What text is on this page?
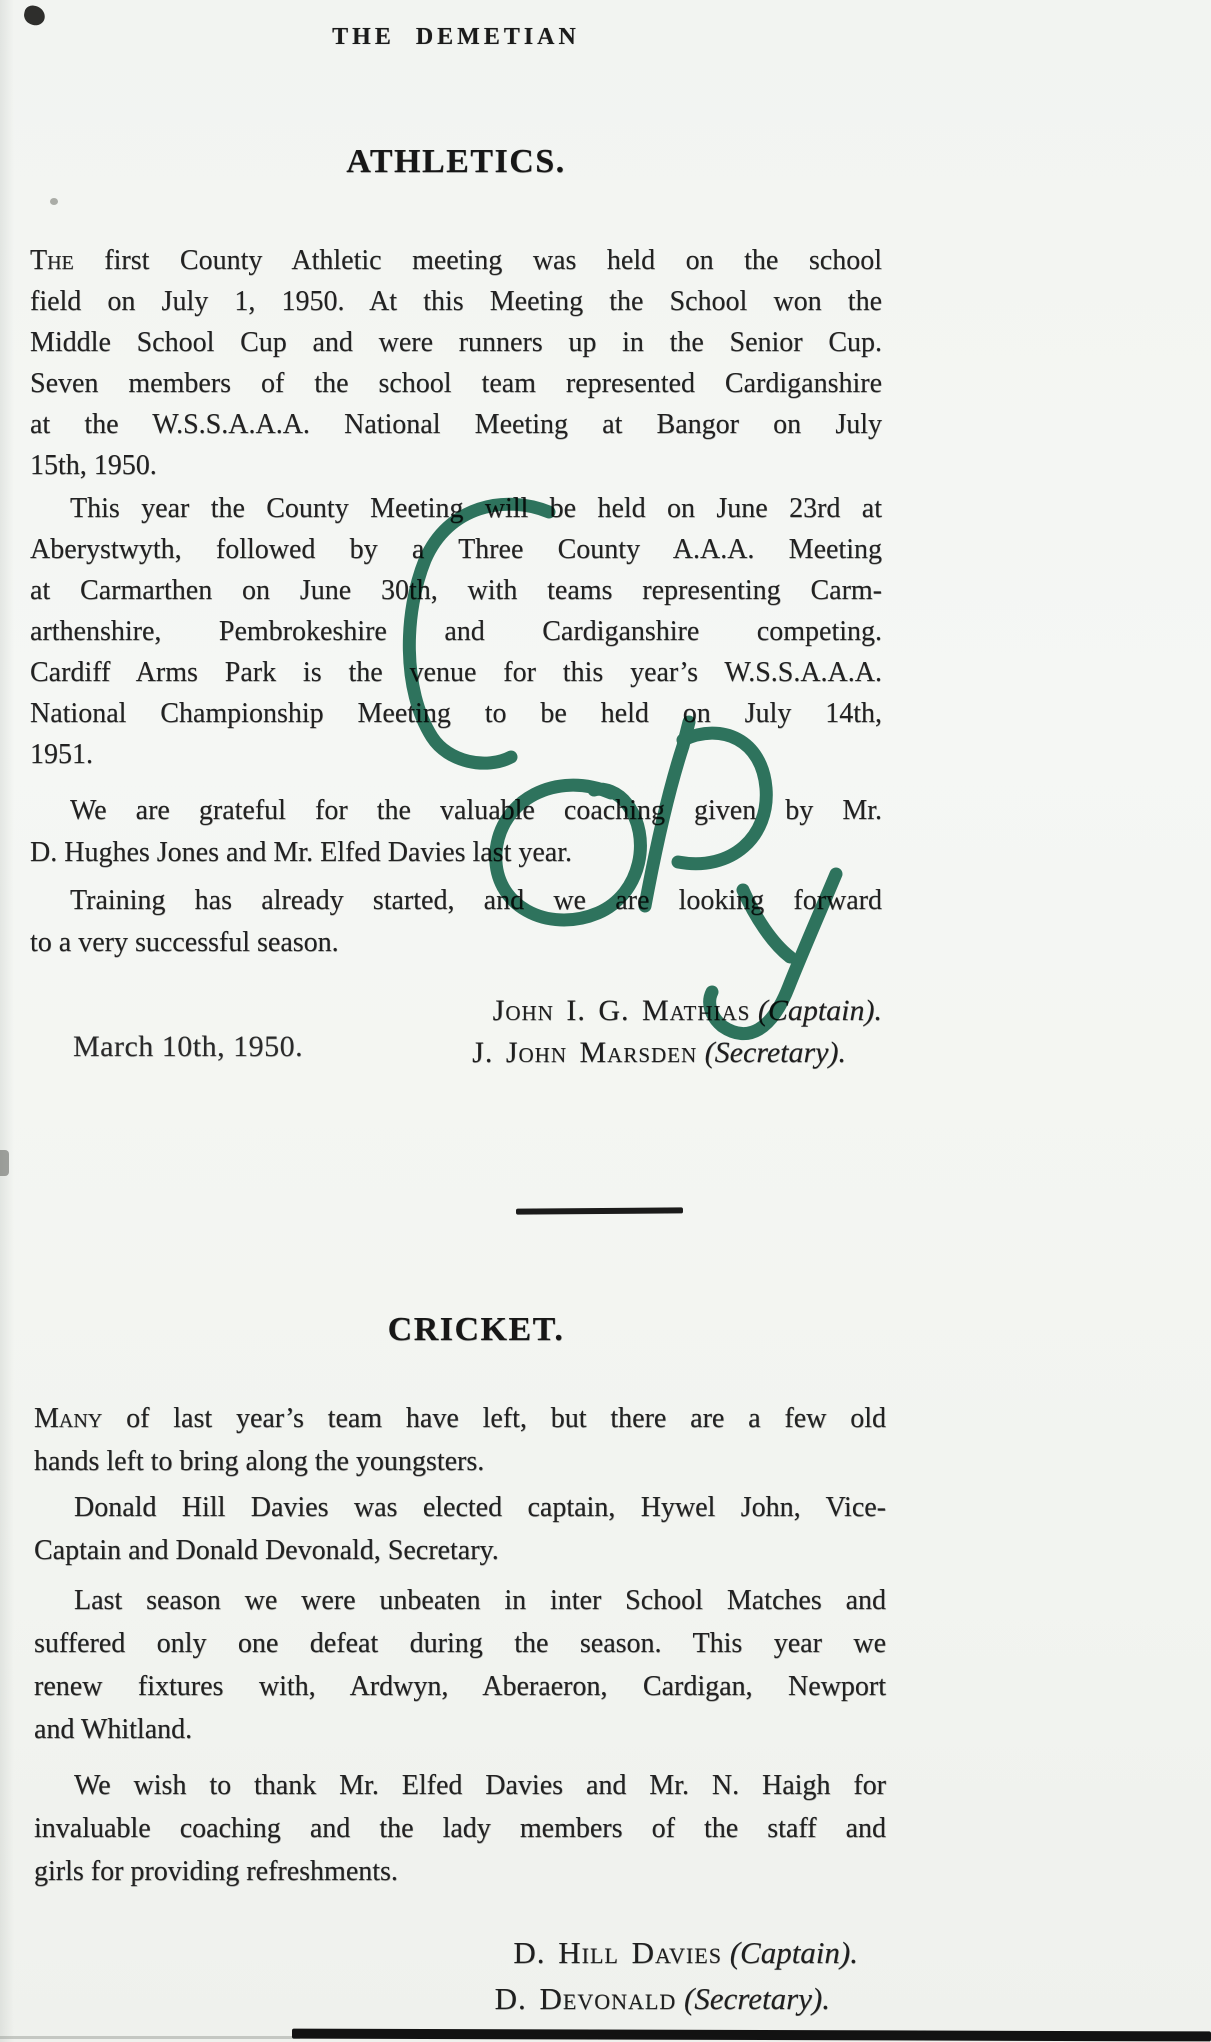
THE DEMETIAN
ATHLETICS.
The first County Athletic meeting was held on the school
field on July 1, 1950. At this Meeting the School won the
Middle School Cup and were runners up in the Senior Cup.
Seven members of the school team represented Cardiganshire
at the W.S.S.A.A.A. National Meeting at Bangor on July
15th, 1950.
This year the County Meeting will be held on June 23rd at
Aberystwyth, followed by a Three County A.A.A. Meeting
at Carmarthen on June 30th, with teams representing Carm-
arthenshire, Pembrokeshire and Cardiganshire competing.
Cardiff Arms Park is the venue for this year’s W.S.S.A.A.A.
National Championship Meeting to be held on July 14th,
1951.
We are grateful for the valuable coaching given by Mr.
D. Hughes Jones and Mr. Elfed Davies last year.
Training has already started, and we are looking forward
to a very successful season.
John I. G. Mathias (Captain).
J. John Marsden (Secretary).
March 10th, 1950.
CRICKET.
Many of last year’s team have left, but there are a few old
hands left to bring along the youngsters.
Donald Hill Davies was elected captain, Hywel John, Vice-
Captain and Donald Devonald, Secretary.
Last season we were unbeaten in inter School Matches and
suffered only one defeat during the season. This year we
renew fixtures with, Ardwyn, Aberaeron, Cardigan, Newport
and Whitland.
We wish to thank Mr. Elfed Davies and Mr. N. Haigh for
invaluable coaching and the lady members of the staff and
girls for providing refreshments.
D. Hill Davies (Captain).
D. Devonald (Secretary).
